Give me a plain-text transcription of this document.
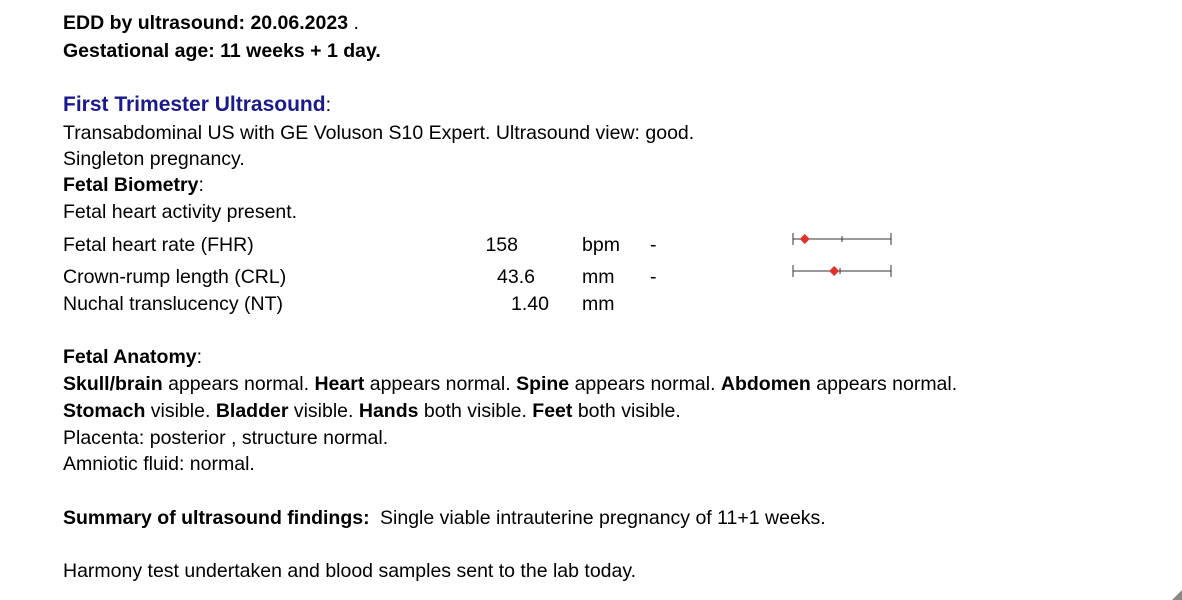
EDD by ultrasound: 20.06.2023 .
Gestational age: 11 weeks + 1 day.
First Trimester Ultrasound:
Transabdominal US with GE Voluson S10 Expert. Ultrasound view: good.
Singleton pregnancy.
Fetal Biometry:
Fetal heart activity present.
Fetal heart rate (FHR)	158	bpm -
Crown-rump length (CRL)	43.6 mm -
Nuchal translucency (NT)	1.40 mm
Fetal Anatomy:
Skull/brain appears normal. Heart appears normal. Spine appears normal. Abdomen appears normal.
Stomach visible. Bladder visible. Hands both visible. Feet both visible.
Placenta: posterior , structure normal.
Amniotic fluid: normal.
Summary of ultrasound findings: Single viable intrauterine pregnancy of 11+1 weeks.
Harmony test undertaken and blood samples sent to the lab today.
